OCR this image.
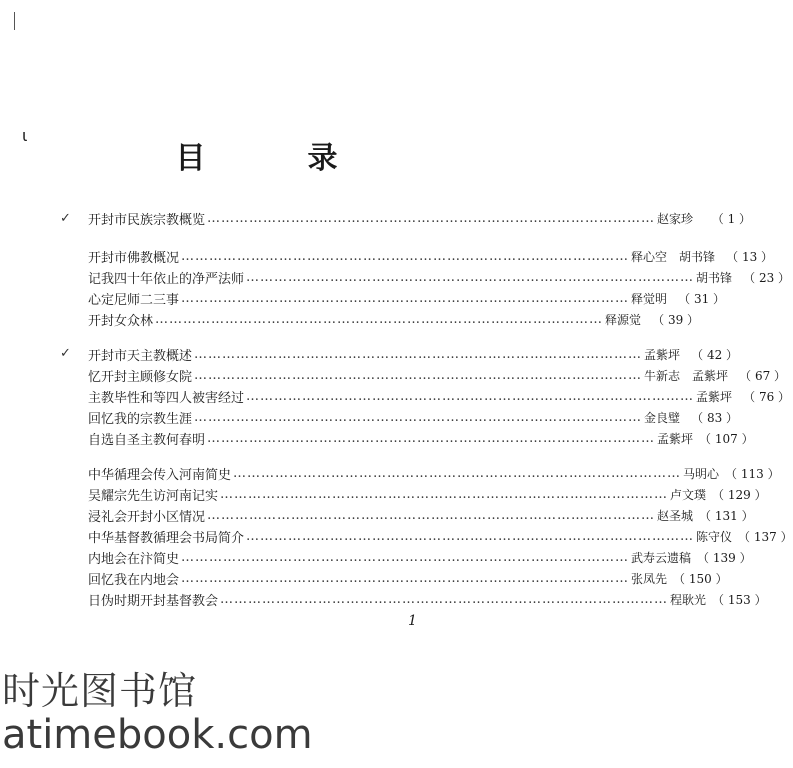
ι
目　录
✓
✓
开封市民族宗教概览 …………………………………………………………………………………… 赵家珍	（ 1 ）
开封市佛教概况 …………………………………………………………………………………… 释心空　胡书锋 （ 13 ）
记我四十年依止的净严法师 …………………………………………………………………………………… 胡书锋 （ 23 ）
心定尼师二三事 …………………………………………………………………………………… 释觉明 （ 31 ）
开封女众林 …………………………………………………………………………………… 释源觉 （ 39 ）
开封市天主教概述 …………………………………………………………………………………… 孟紫坪 （ 42 ）
忆开封主顾修女院 …………………………………………………………………………………… 牛新志　孟紫坪 （ 67 ）
主教毕性和等四人被害经过 …………………………………………………………………………………… 孟紫坪 （ 76 ）
回忆我的宗教生涯 …………………………………………………………………………………… 金良璧 （ 83 ）
自选自圣主教何春明 …………………………………………………………………………………… 孟紫坪 （ 107 ）
中华循理会传入河南简史 …………………………………………………………………………………… 马明心 （ 113 ）
吴耀宗先生访河南记实 …………………………………………………………………………………… 卢文璞 （ 129 ）
浸礼会开封小区情况 …………………………………………………………………………………… 赵圣城 （ 131 ）
中华基督教循理会书局简介 …………………………………………………………………………………… 陈守仪 （ 137 ）
内地会在汴简史 …………………………………………………………………………………… 武寿云遗稿 （ 139 ）
回忆我在内地会 …………………………………………………………………………………… 张凤先 （ 150 ）
日伪时期开封基督教会 …………………………………………………………………………………… 程耿光 （ 153 ）
1
时光图书馆
atimebook.com
